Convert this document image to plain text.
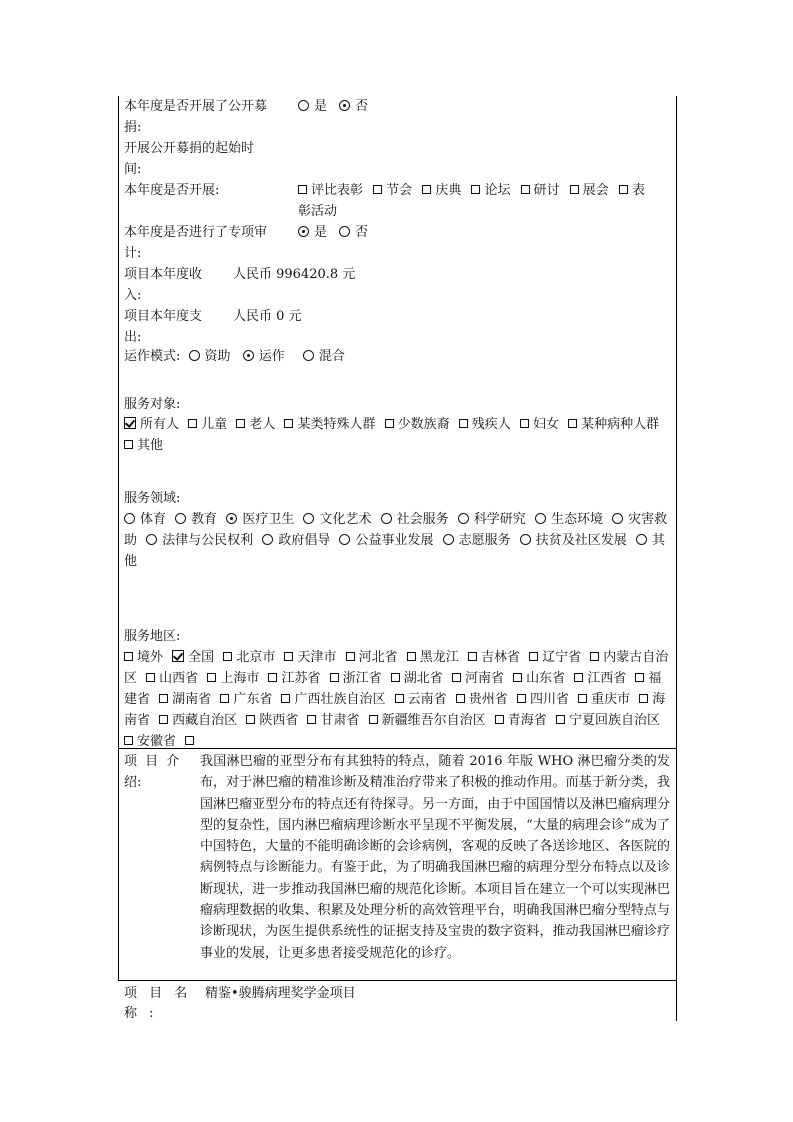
本年度是否开展了公开募	是 否
捐:
开展公开募捐的起始时
间:
本年度是否开展:	评比表彰 节会 庆典 论坛 研讨 展会 表
彰活动
本年度是否进行了专项审	是 否
计:
项目本年度收 人民币 996420.8 元
入:
项目本年度支 人民币 0 元
出:
运作模式: 资助 运作	混合
服务对象:
所有人 儿童 老人 某类特殊人群 少数族裔 残疾人 妇女 某种病种人群 其他
服务领域:
体育 教育 医疗卫生 文化艺术 社会服务 科学研究 生态环境 灾害救助 法律与公民权利 政府倡导 公益事业发展 志愿服务 扶贫及社区发展 其他
服务地区:
境外 全国 北京市 天津市 河北省 黑龙江 吉林省 辽宁省 内蒙古自治区 山西省 上海市 江苏省 浙江省 湖北省 河南省 山东省 江西省 福建省 湖南省 广东省 广西壮族自治区 云南省 贵州省 四川省 重庆市 海南省 西藏自治区 陕西省 甘肃省 新疆维吾尔自治区 青海省 宁夏回族自治区 安徽省
项 目 介
绍:
我国淋巴瘤的亚型分布有其独特的特点，随着 2016 年版 WHO 淋巴瘤分类的发布，对于淋巴瘤的精准诊断及精准治疗带来了积极的推动作用。而基于新分类，我国淋巴瘤亚型分布的特点还有待探寻。另一方面，由于中国国情以及淋巴瘤病理分型的复杂性，国内淋巴瘤病理诊断水平呈现不平衡发展，“大量的病理会诊”成为了中国特色，大量的不能明确诊断的会诊病例，客观的反映了各送诊地区、各医院的病例特点与诊断能力。有鉴于此，为了明确我国淋巴瘤的病理分型分布特点以及诊断现状，进一步推动我国淋巴瘤的规范化诊断。本项目旨在建立一个可以实现淋巴瘤病理数据的收集、积累及处理分析的高效管理平台，明确我国淋巴瘤分型特点与诊断现状，为医生提供系统性的证据支持及宝贵的数字资料，推动我国淋巴瘤诊疗事业的发展，让更多患者接受规范化的诊疗。
项 目 名
称 :
精鉴•骏腾病理奖学金项目
